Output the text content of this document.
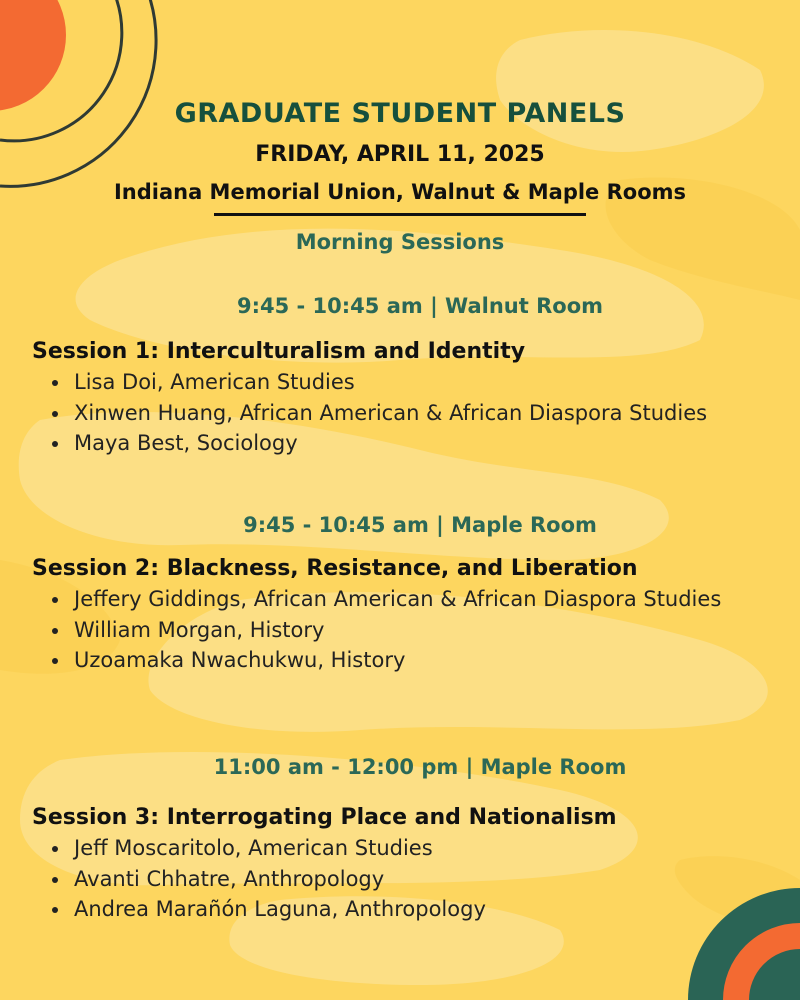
GRADUATE STUDENT PANELS
FRIDAY, APRIL 11, 2025
Indiana Memorial Union, Walnut & Maple Rooms
Morning Sessions
9:45 - 10:45 am | Walnut Room

Session 1: Interculturalism and Identity

Lisa Doi, American Studies
Xinwen Huang, African American & African Diaspora Studies
Maya Best, Sociology
9:45 - 10:45 am | Maple Room

Session 2: Blackness, Resistance, and Liberation

Jeffery Giddings, African American & African Diaspora Studies
William Morgan, History
Uzoamaka Nwachukwu, History
11:00 am - 12:00 pm | Maple Room

Session 3: Interrogating Place and Nationalism

Jeff Moscaritolo, American Studies
Avanti Chhatre, Anthropology
Andrea Marañón Laguna, Anthropology
